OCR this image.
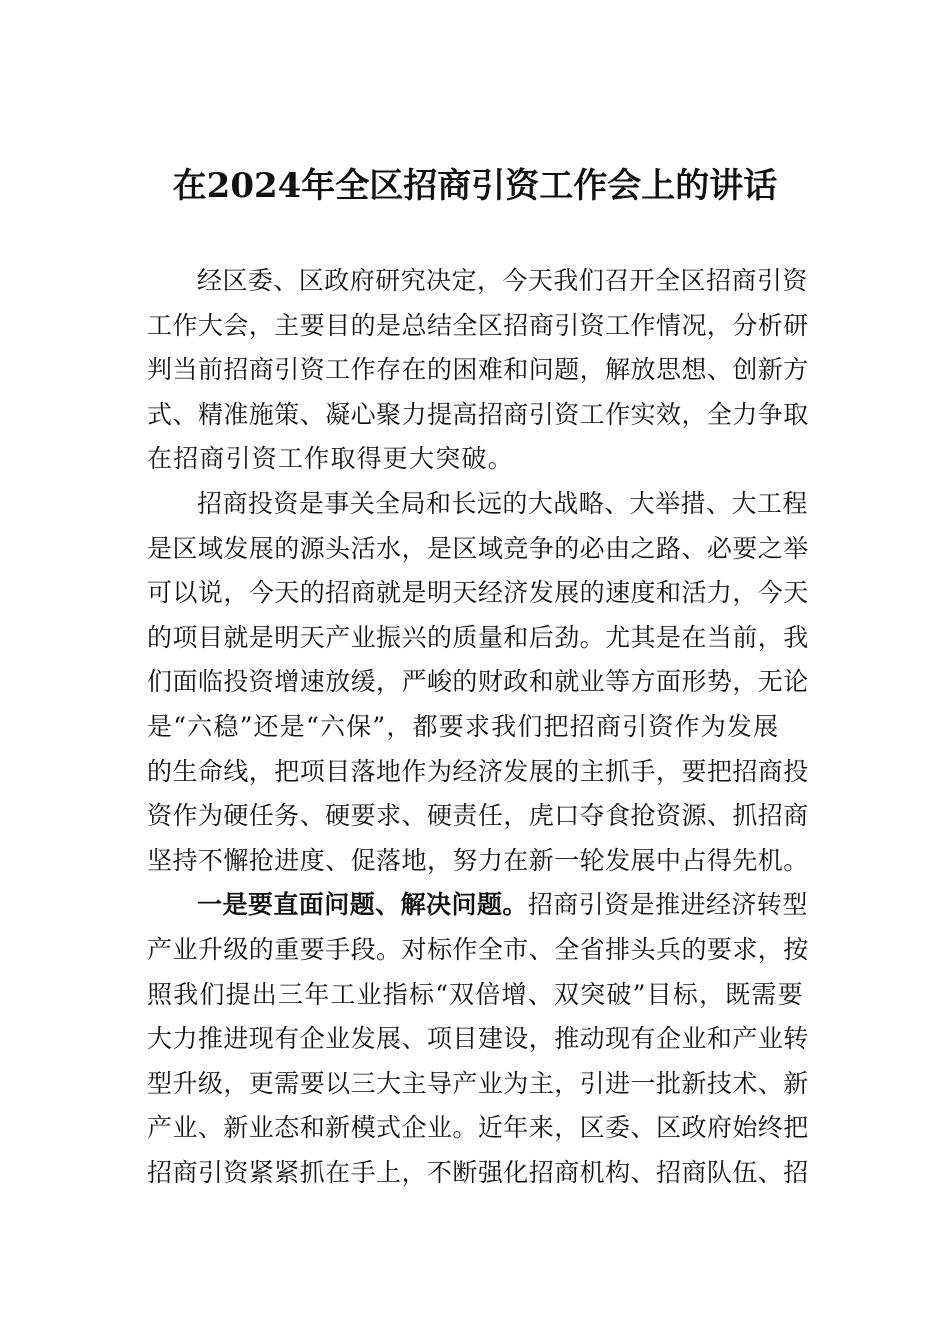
在2024年全区招商引资工作会上的讲话
经区委、区政府研究决定，今天我们召开全区招商引资
工作大会，主要目的是总结全区招商引资工作情况，分析研
判当前招商引资工作存在的困难和问题，解放思想、创新方
式、精准施策、凝心聚力提高招商引资工作实效，全力争取
在招商引资工作取得更大突破。
招商投资是事关全局和长远的大战略、大举措、大工程
是区域发展的源头活水，是区域竞争的必由之路、必要之举
可以说，今天的招商就是明天经济发展的速度和活力，今天
的项目就是明天产业振兴的质量和后劲。尤其是在当前，我
们面临投资增速放缓，严峻的财政和就业等方面形势，无论
是“六稳”还是“六保”，都要求我们把招商引资作为发展
的生命线，把项目落地作为经济发展的主抓手，要把招商投
资作为硬任务、硬要求、硬责任，虎口夺食抢资源、抓招商
坚持不懈抢进度、促落地，努力在新一轮发展中占得先机。
一是要直面问题、解决问题。招商引资是推进经济转型
产业升级的重要手段。对标作全市、全省排头兵的要求，按
照我们提出三年工业指标“双倍增、双突破”目标，既需要
大力推进现有企业发展、项目建设，推动现有企业和产业转
型升级，更需要以三大主导产业为主，引进一批新技术、新
产业、新业态和新模式企业。近年来，区委、区政府始终把
招商引资紧紧抓在手上，不断强化招商机构、招商队伍、招
